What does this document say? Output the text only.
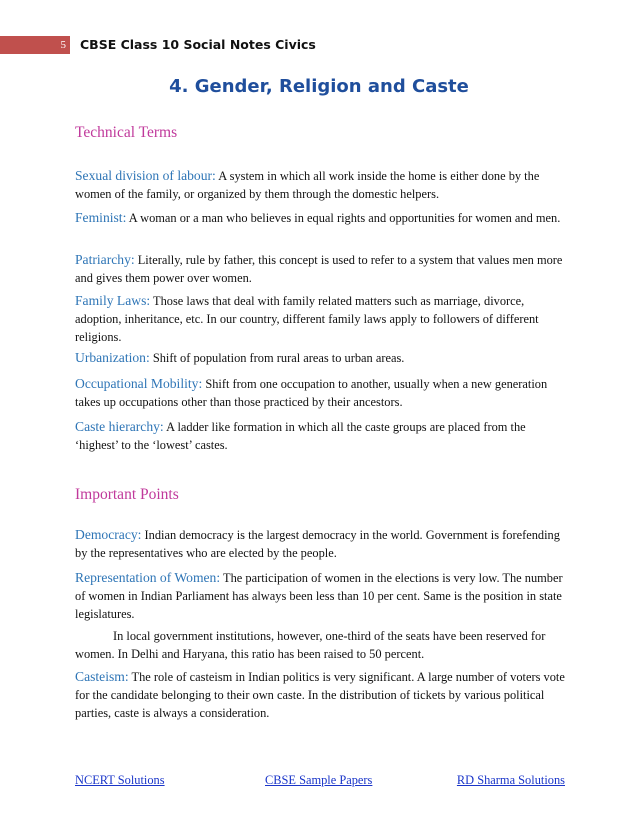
5	CBSE Class 10 Social Notes Civics
4. Gender, Religion and Caste
Technical Terms

Sexual division of labour: A system in which all work inside the home is either done by the women of the family, or organized by them through the domestic helpers.

Feminist: A woman or a man who believes in equal rights and opportunities for women and men.

Patriarchy: Literally, rule by father, this concept is used to refer to a system that values men more and gives them power over women.

Family Laws: Those laws that deal with family related matters such as marriage, divorce, adoption, inheritance, etc. In our country, different family laws apply to followers of different religions.

Urbanization: Shift of population from rural areas to urban areas.

Occupational Mobility: Shift from one occupation to another, usually when a new generation takes up occupations other than those practiced by their ancestors.

Caste hierarchy: A ladder like formation in which all the caste groups are placed from the ‘highest’ to the ‘lowest’ castes.

Important Points

Democracy: Indian democracy is the largest democracy in the world. Government is forefending by the representatives who are elected by the people.

Representation of Women: The participation of women in the elections is very low. The number of women in Indian Parliament has always been less than 10 per cent. Same is the position in state legislatures.

In local government institutions, however, one-third of the seats have been reserved for women. In Delhi and Haryana, this ratio has been raised to 50 percent.

Casteism: The role of casteism in Indian politics is very significant. A large number of voters vote for the candidate belonging to their own caste. In the distribution of tickets by various political parties, caste is always a consideration.

NCERT Solutions	CBSE Sample Papers	RD Sharma Solutions
